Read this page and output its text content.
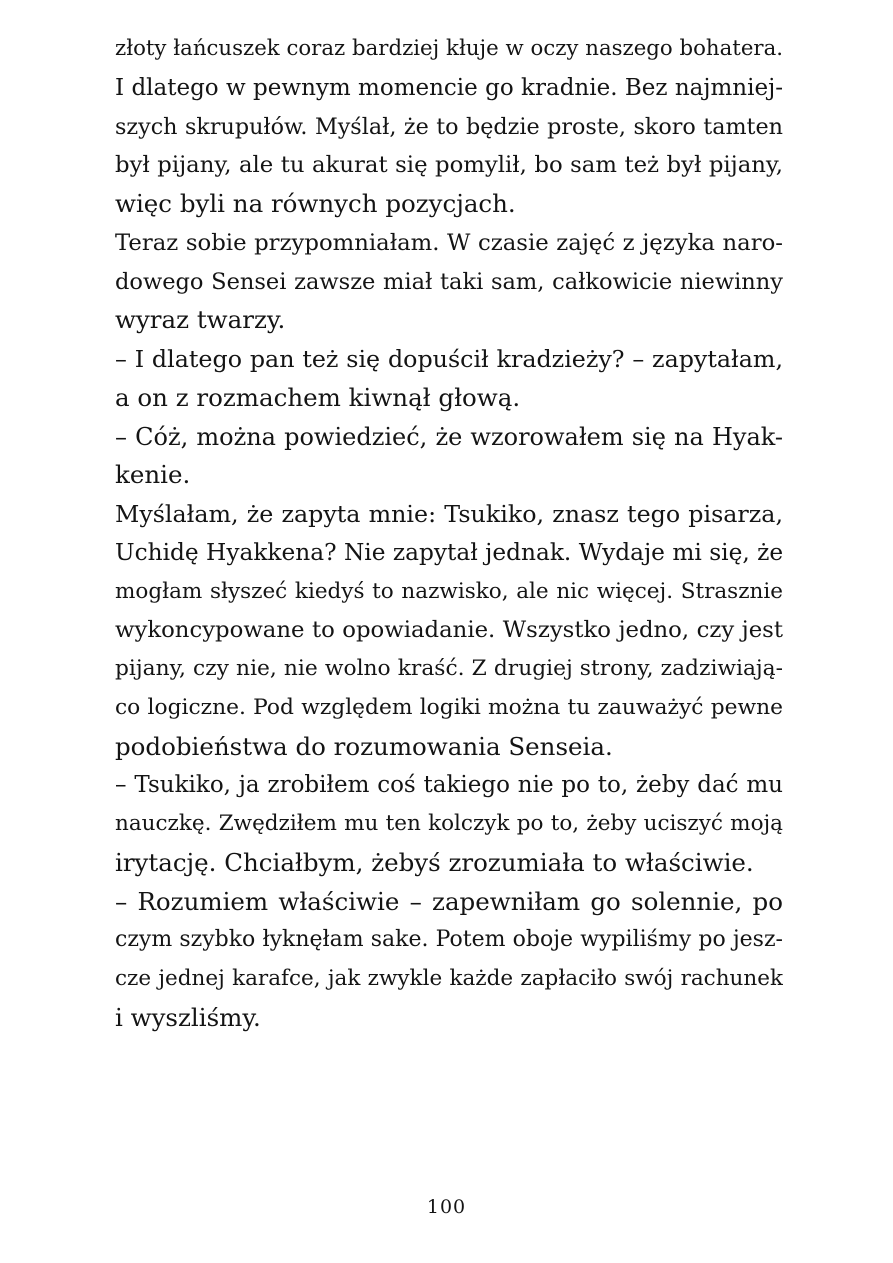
złoty łańcuszek coraz bardziej kłuje w oczy naszego bohatera.

I dlatego w pewnym momencie go kradnie. Bez najmniej-

szych skrupułów. Myślał, że to będzie proste, skoro tamten

był pijany, ale tu akurat się pomylił, bo sam też był pijany,

więc byli na równych pozycjach.

Teraz sobie przypomniałam. W czasie zajęć z języka naro-

dowego Sensei zawsze miał taki sam, całkowicie niewinny

wyraz twarzy.

– I dlatego pan też się dopuścił kradzieży? – zapytałam,

a on z rozmachem kiwnął głową.

– Cóż, można powiedzieć, że wzorowałem się na Hyak-

kenie.

Myślałam, że zapyta mnie: Tsukiko, znasz tego pisarza,

Uchidę Hyakkena? Nie zapytał jednak. Wydaje mi się, że

mogłam słyszeć kiedyś to nazwisko, ale nic więcej. Strasznie

wykoncypowane to opowiadanie. Wszystko jedno, czy jest

pijany, czy nie, nie wolno kraść. Z drugiej strony, zadziwiają-

co logiczne. Pod względem logiki można tu zauważyć pewne

podobieństwa do rozumowania Senseia.

– Tsukiko, ja zrobiłem coś takiego nie po to, żeby dać mu

nauczkę. Zwędziłem mu ten kolczyk po to, żeby uciszyć moją

irytację. Chciałbym, żebyś zrozumiała to właściwie.

– Rozumiem właściwie – zapewniłam go solennie, po

czym szybko łyknęłam sake. Potem oboje wypiliśmy po jesz-

cze jednej karafce, jak zwykle każde zapłaciło swój rachunek

i wyszliśmy.

100
